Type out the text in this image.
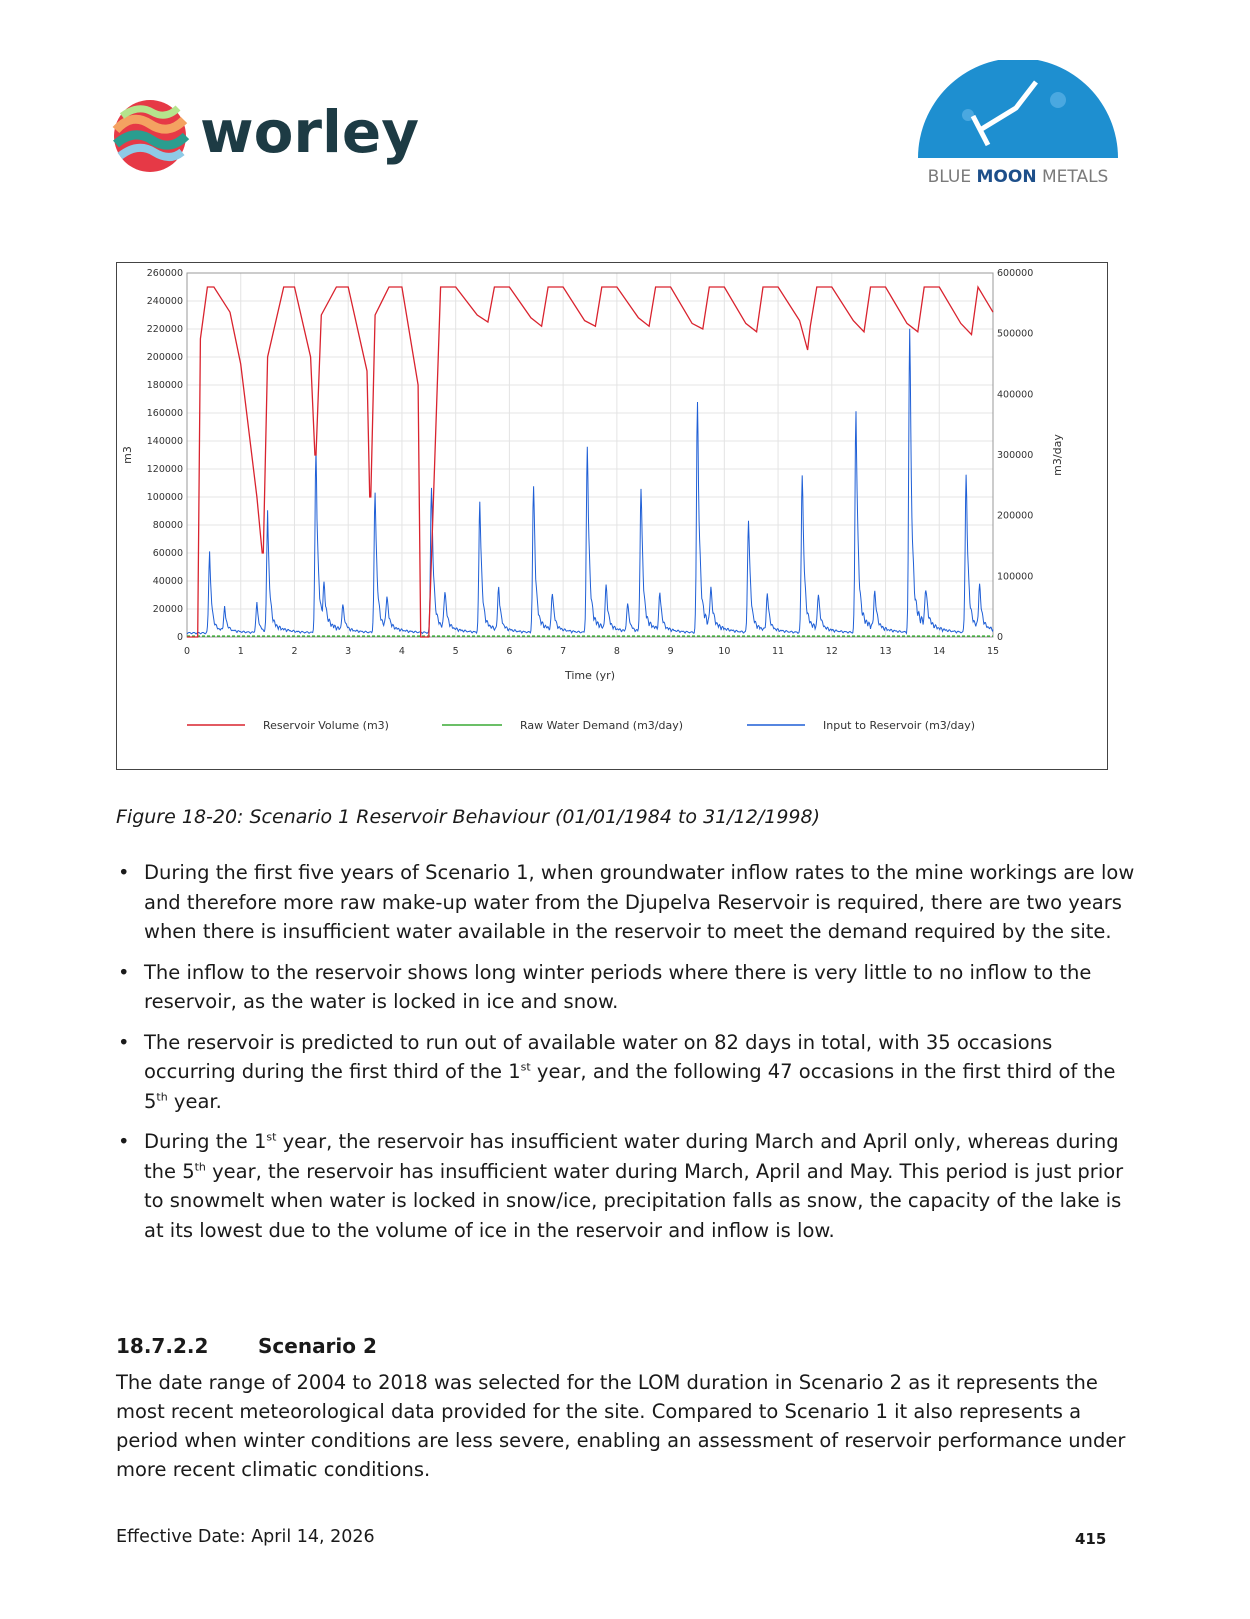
worley
BLUE MOON METALS
0
20000
40000
60000
80000
100000
120000
140000
160000
180000
200000
220000
240000
260000
0
100000
200000
300000
400000
500000
600000
0	1	2	3	4	5	6	7	8	9	10	11	12	13	14	15
Time (yr)
m3	m3/day
Reservoir Volume (m3)	Raw Water Demand (m3/day)	Input to Reservoir (m3/day)
Figure 18-20: Scenario 1 Reservoir Behaviour (01/01/1984 to 31/12/1998)
• During the first five years of Scenario 1, when groundwater inflow rates to the mine workings are low and therefore more raw make-up water from the Djupelva Reservoir is required, there are two years when there is insufficient water available in the reservoir to meet the demand required by the site.
• The inflow to the reservoir shows long winter periods where there is very little to no inflow to the reservoir, as the water is locked in ice and snow.
• The reservoir is predicted to run out of available water on 82 days in total, with 35 occasions occurring during the first third of the 1st year, and the following 47 occasions in the first third of the 5th year.
• During the 1st year, the reservoir has insufficient water during March and April only, whereas during the 5th year, the reservoir has insufficient water during March, April and May. This period is just prior to snowmelt when water is locked in snow/ice, precipitation falls as snow, the capacity of the lake is at its lowest due to the volume of ice in the reservoir and inflow is low.
18.7.2.2 Scenario 2

The date range of 2004 to 2018 was selected for the LOM duration in Scenario 2 as it represents the most recent meteorological data provided for the site. Compared to Scenario 1 it also represents a period when winter conditions are less severe, enabling an assessment of reservoir performance under more recent climatic conditions.

Effective Date: April 14, 2026	415
